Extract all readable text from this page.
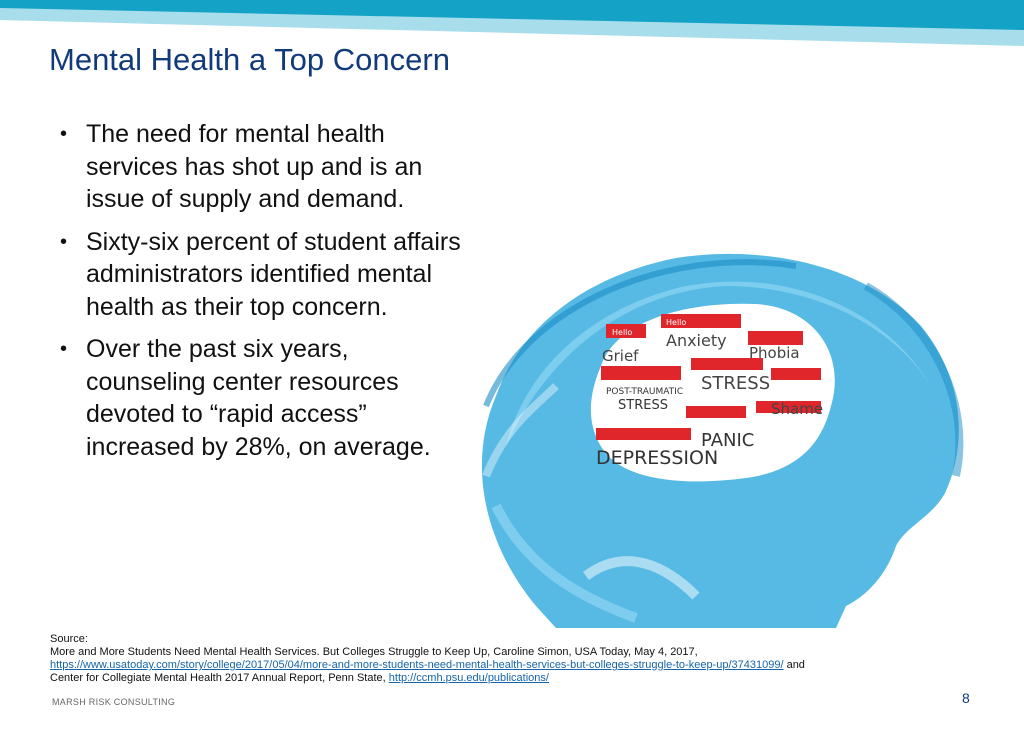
Mental Health a Top Concern
• The need for mental health services has shot up and is an issue of supply and demand.
• Sixty-six percent of student affairs administrators identified mental health as their top concern.
• Over the past six years, counseling center resources devoted to “rapid access” increased by 28%, on average.
Hello
Hello
Anxiety
Phobia
Grief
POST-TRAUMATIC
STRESS
STRESS
Shame
DEPRESSION
PANIC
Source:
More and More Students Need Mental Health Services. But Colleges Struggle to Keep Up, Caroline Simon, USA Today, May 4, 2017, https://www.usatoday.com/story/college/2017/05/04/more-and-more-students-need-mental-health-services-but-colleges-struggle-to-keep-up/37431099/ and
Center for Collegiate Mental Health 2017 Annual Report, Penn State, http://ccmh.psu.edu/publications/
MARSH RISK CONSULTING	8
